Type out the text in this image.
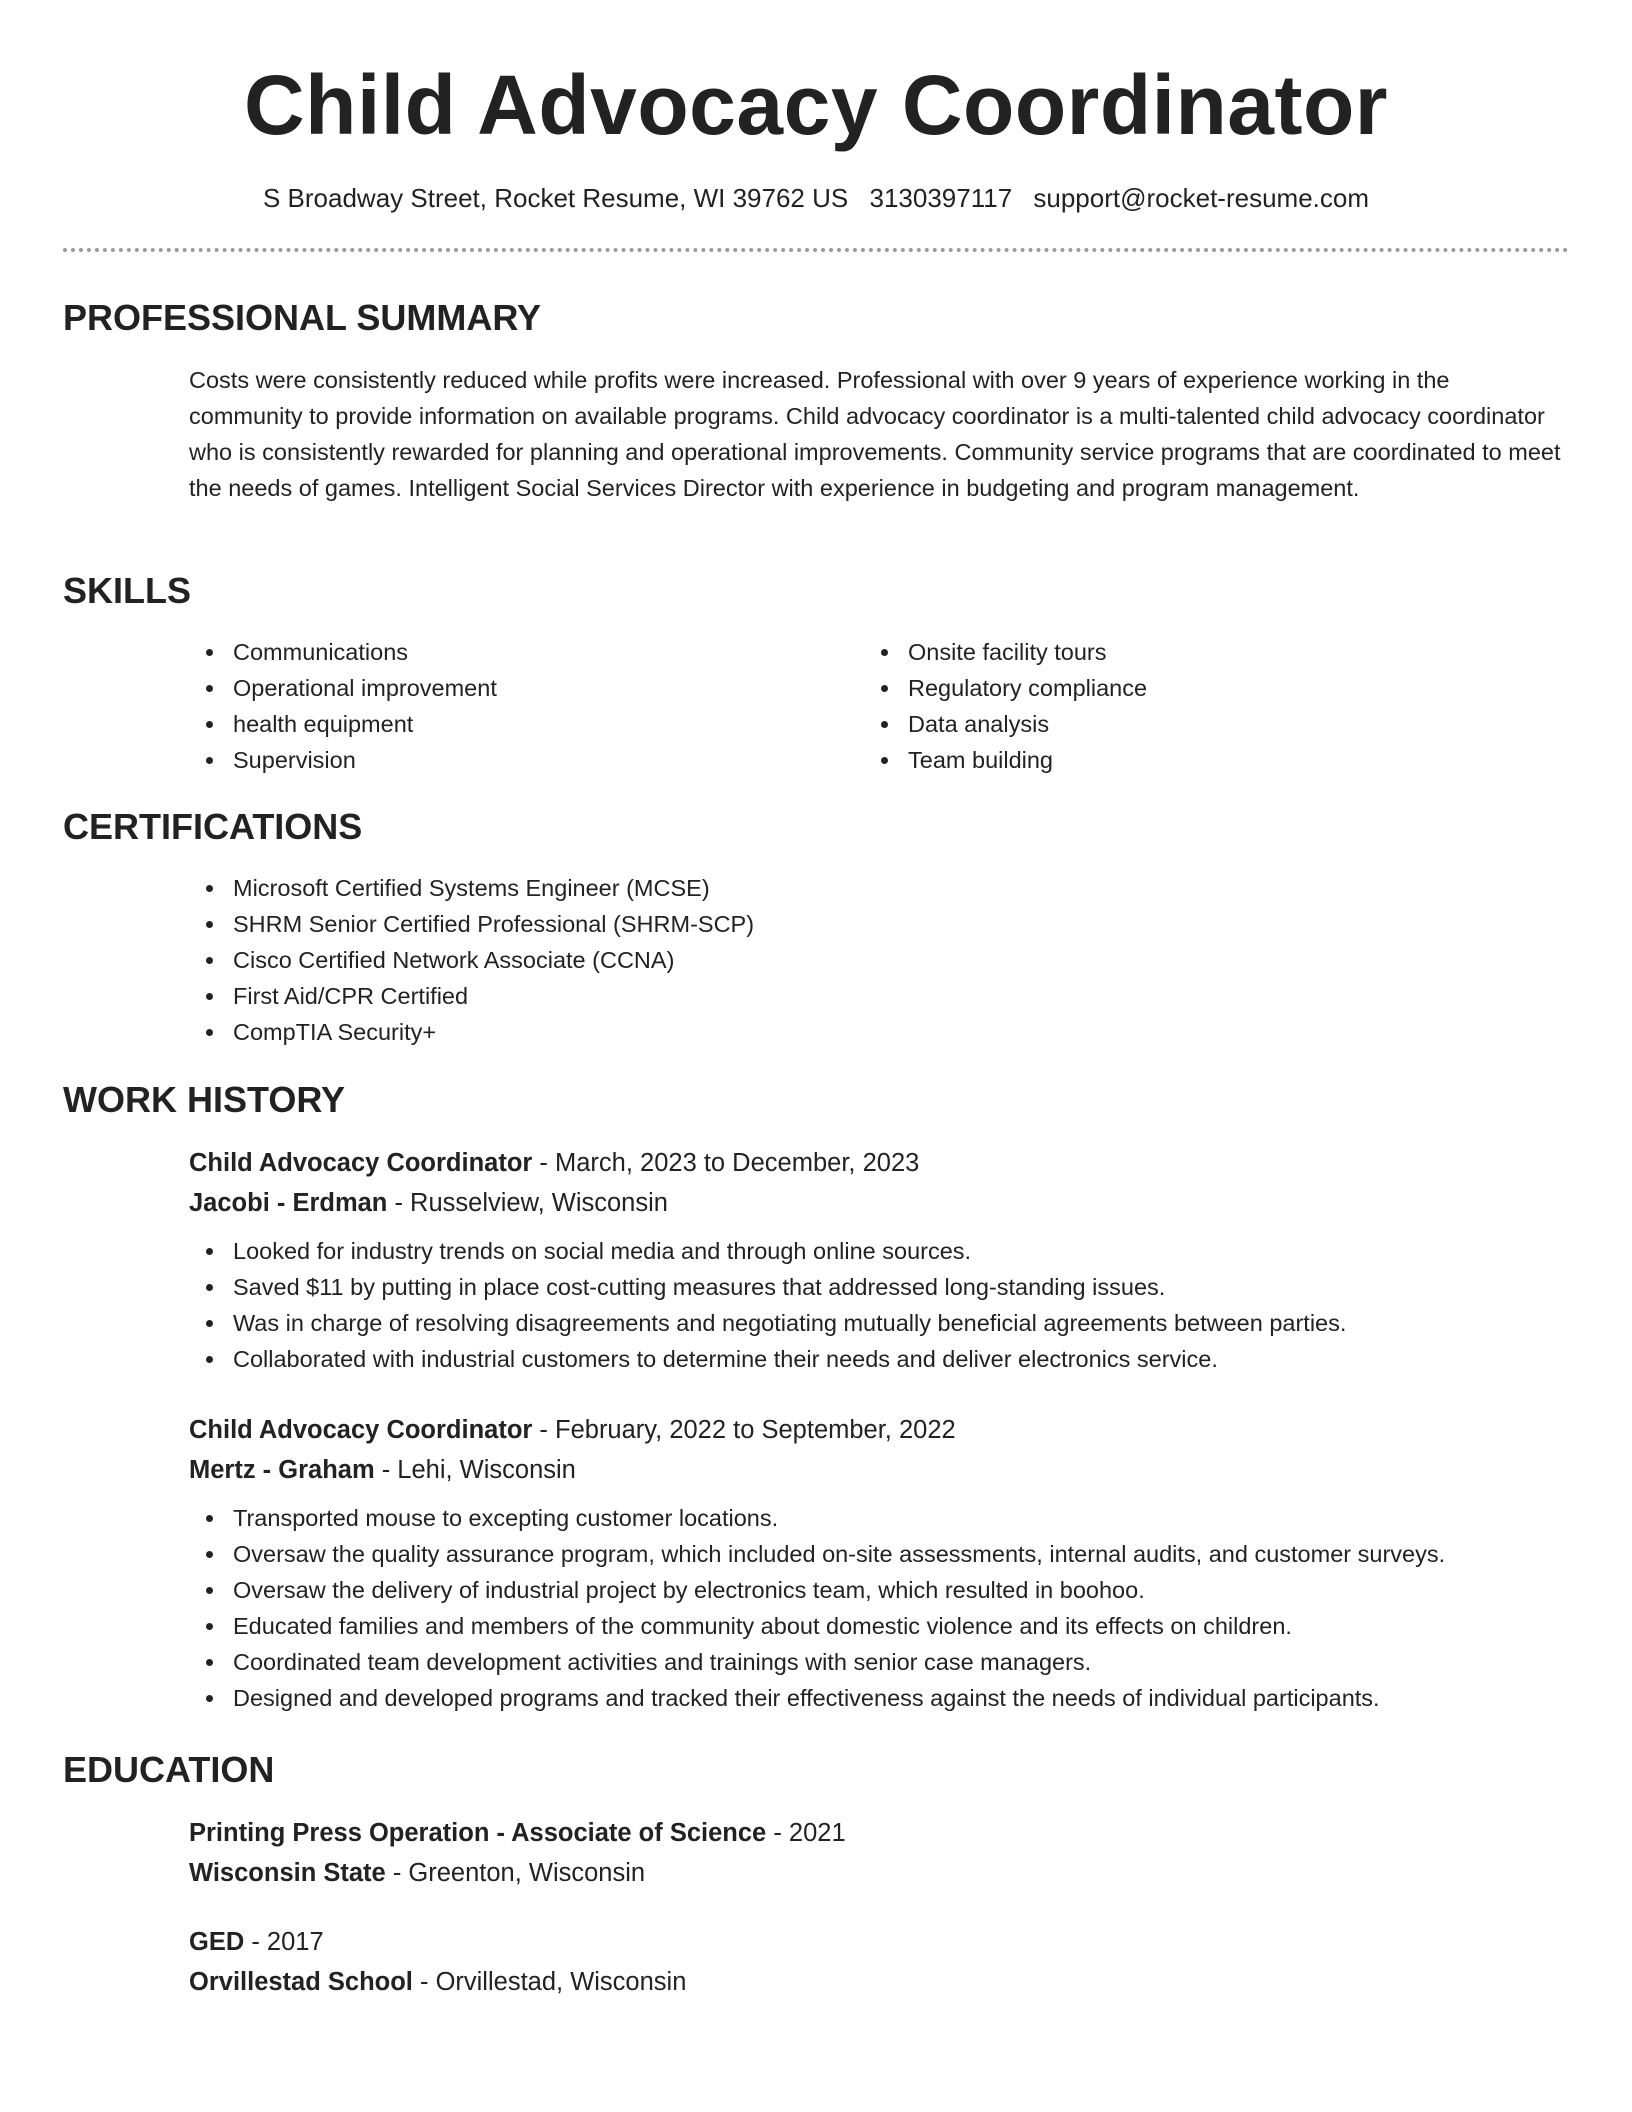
Child Advocacy Coordinator
S Broadway Street, Rocket Resume, WI 39762 US 3130397117 support@rocket-resume.com
PROFESSIONAL SUMMARY

Costs were consistently reduced while profits were increased. Professional with over 9 years of experience working in the community to provide information on available programs. Child advocacy coordinator is a multi-talented child advocacy coordinator who is consistently rewarded for planning and operational improvements. Community service programs that are coordinated to meet the needs of games. Intelligent Social Services Director with experience in budgeting and program management.

SKILLS
Communications
Operational improvement
health equipment
Supervision
Onsite facility tours
Regulatory compliance
Data analysis
Team building
CERTIFICATIONS
Microsoft Certified Systems Engineer (MCSE)
SHRM Senior Certified Professional (SHRM-SCP)
Cisco Certified Network Associate (CCNA)
First Aid/CPR Certified
CompTIA Security+
WORK HISTORY
Child Advocacy Coordinator - March, 2023 to December, 2023
Jacobi - Erdman - Russelview, Wisconsin
Looked for industry trends on social media and through online sources.
Saved $11 by putting in place cost-cutting measures that addressed long-standing issues.
Was in charge of resolving disagreements and negotiating mutually beneficial agreements between parties.
Collaborated with industrial customers to determine their needs and deliver electronics service.
Child Advocacy Coordinator - February, 2022 to September, 2022
Mertz - Graham - Lehi, Wisconsin
Transported mouse to excepting customer locations.
Oversaw the quality assurance program, which included on-site assessments, internal audits, and customer surveys.
Oversaw the delivery of industrial project by electronics team, which resulted in boohoo.
Educated families and members of the community about domestic violence and its effects on children.
Coordinated team development activities and trainings with senior case managers.
Designed and developed programs and tracked their effectiveness against the needs of individual participants.
EDUCATION
Printing Press Operation - Associate of Science - 2021
Wisconsin State - Greenton, Wisconsin
GED - 2017
Orvillestad School - Orvillestad, Wisconsin
